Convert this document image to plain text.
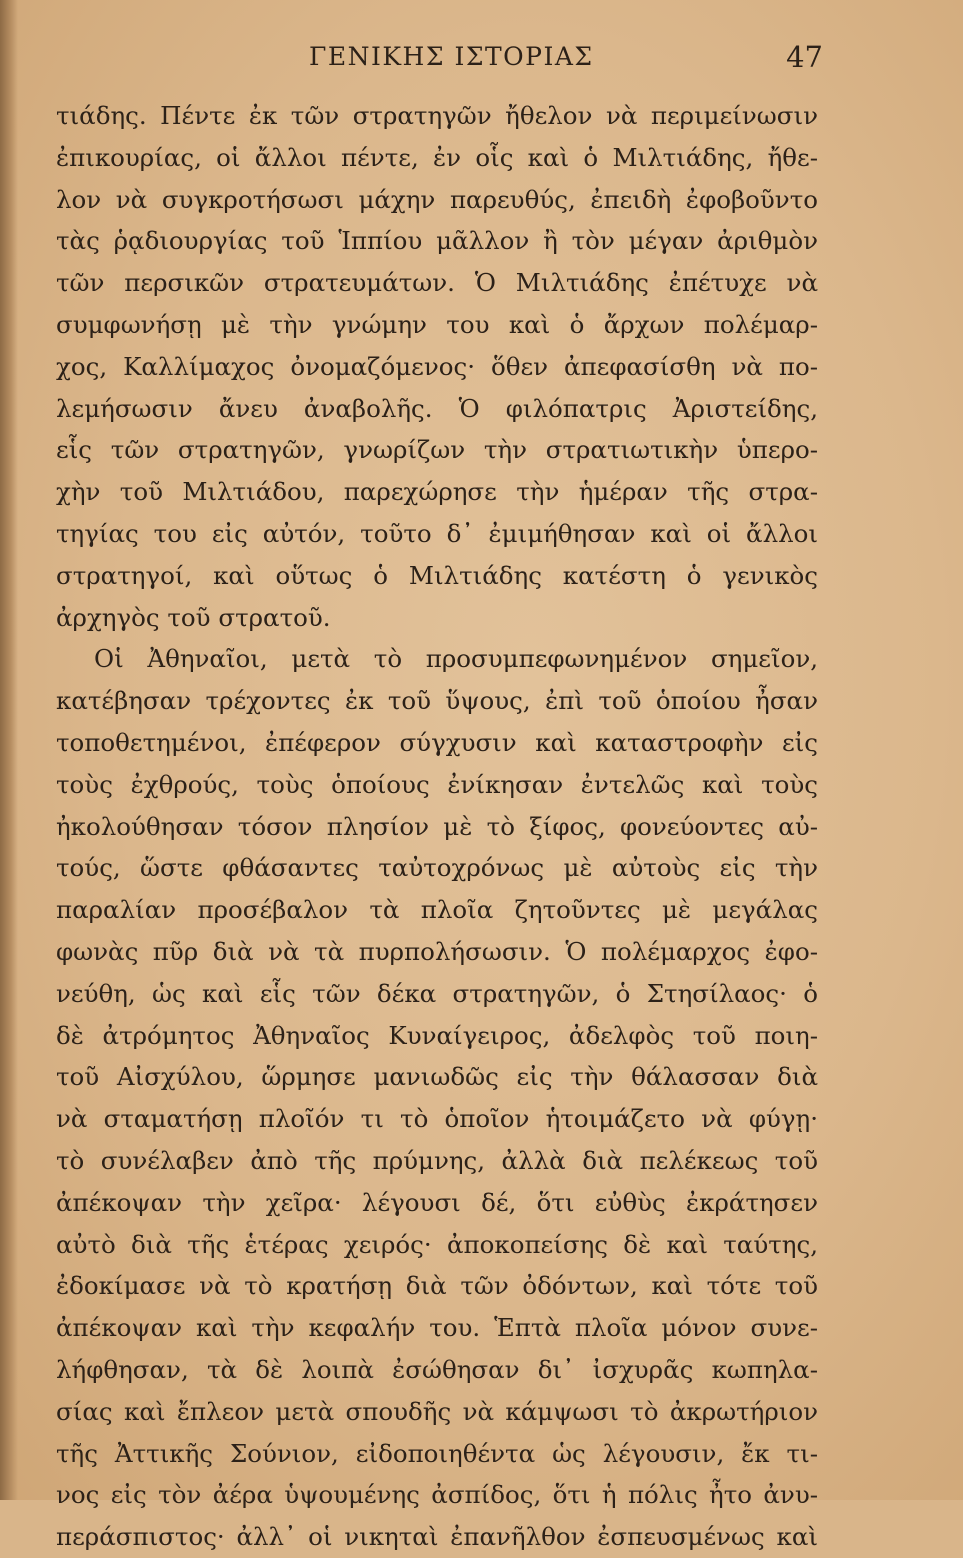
ΓΕΝΙΚΗΣ ΙΣΤΟΡΙΑΣ	47
τιάδης. Πέντε ἐκ τῶν στρατηγῶν ἤθελον νὰ περιμείνωσιν
ἐπικουρίας, οἱ ἄλλοι πέντε, ἐν οἷς καὶ ὁ Μιλτιάδης, ἤθε-
λον νὰ συγκροτήσωσι μάχην παρευθύς, ἐπειδὴ ἐφοβοῦντο
τὰς ῥᾳδιουργίας τοῦ Ἱππίου μᾶλλον ἢ τὸν μέγαν ἀριθμὸν
τῶν περσικῶν στρατευμάτων. Ὁ Μιλτιάδης ἐπέτυχε νὰ
συμφωνήσῃ μὲ τὴν γνώμην του καὶ ὁ ἄρχων πολέμαρ-
χος, Καλλίμαχος ὀνομαζόμενος· ὅθεν ἀπεφασίσθη νὰ πο-
λεμήσωσιν ἄνευ ἀναβολῆς. Ὁ φιλόπατρις Ἀριστείδης,
εἷς τῶν στρατηγῶν, γνωρίζων τὴν στρατιωτικὴν ὑπερο-
χὴν τοῦ Μιλτιάδου, παρεχώρησε τὴν ἡμέραν τῆς στρα-
τηγίας του εἰς αὐτόν, τοῦτο δ᾽ ἐμιμήθησαν καὶ οἱ ἄλλοι
στρατηγοί, καὶ οὕτως ὁ Μιλτιάδης κατέστη ὁ γενικὸς
ἀρχηγὸς τοῦ στρατοῦ.
Οἱ Ἀθηναῖοι, μετὰ τὸ προσυμπεφωνημένον σημεῖον,
κατέβησαν τρέχοντες ἐκ τοῦ ὕψους, ἐπὶ τοῦ ὁποίου ἦσαν
τοποθετημένοι, ἐπέφερον σύγχυσιν καὶ καταστροφὴν εἰς
τοὺς ἐχθρούς, τοὺς ὁποίους ἐνίκησαν ἐντελῶς καὶ τοὺς
ἠκολούθησαν τόσον πλησίον μὲ τὸ ξίφος, φονεύοντες αὐ-
τούς, ὥστε φθάσαντες ταὐτοχρόνως μὲ αὐτοὺς εἰς τὴν
παραλίαν προσέβαλον τὰ πλοῖα ζητοῦντες μὲ μεγάλας
φωνὰς πῦρ διὰ νὰ τὰ πυρπολήσωσιν. Ὁ πολέμαρχος ἐφο-
νεύθη, ὡς καὶ εἷς τῶν δέκα στρατηγῶν, ὁ Στησίλαος· ὁ
δὲ ἀτρόμητος Ἀθηναῖος Κυναίγειρος, ἀδελφὸς τοῦ ποιη-
τοῦ Αἰσχύλου, ὥρμησε μανιωδῶς εἰς τὴν θάλασσαν διὰ
νὰ σταματήσῃ πλοῖόν τι τὸ ὁποῖον ἡτοιμάζετο νὰ φύγῃ·
τὸ συνέλαβεν ἀπὸ τῆς πρύμνης, ἀλλὰ διὰ πελέκεως τοῦ
ἀπέκοψαν τὴν χεῖρα· λέγουσι δέ, ὅτι εὐθὺς ἐκράτησεν
αὐτὸ διὰ τῆς ἑτέρας χειρός· ἀποκοπείσης δὲ καὶ ταύτης,
ἐδοκίμασε νὰ τὸ κρατήσῃ διὰ τῶν ὀδόντων, καὶ τότε τοῦ
ἀπέκοψαν καὶ τὴν κεφαλήν του. Ἑπτὰ πλοῖα μόνον συνε-
λήφθησαν, τὰ δὲ λοιπὰ ἐσώθησαν δι᾽ ἰσχυρᾶς κωπηλα-
σίας καὶ ἔπλεον μετὰ σπουδῆς νὰ κάμψωσι τὸ ἀκρωτήριον
τῆς Ἀττικῆς Σούνιον, εἰδοποιηθέντα ὡς λέγουσιν, ἔκ τι-
νος εἰς τὸν ἀέρα ὑψουμένης ἀσπίδος, ὅτι ἡ πόλις ἦτο ἀνυ-
περάσπιστος· ἀλλ᾽ οἱ νικηταὶ ἐπανῆλθον ἐσπευσμένως καὶ
